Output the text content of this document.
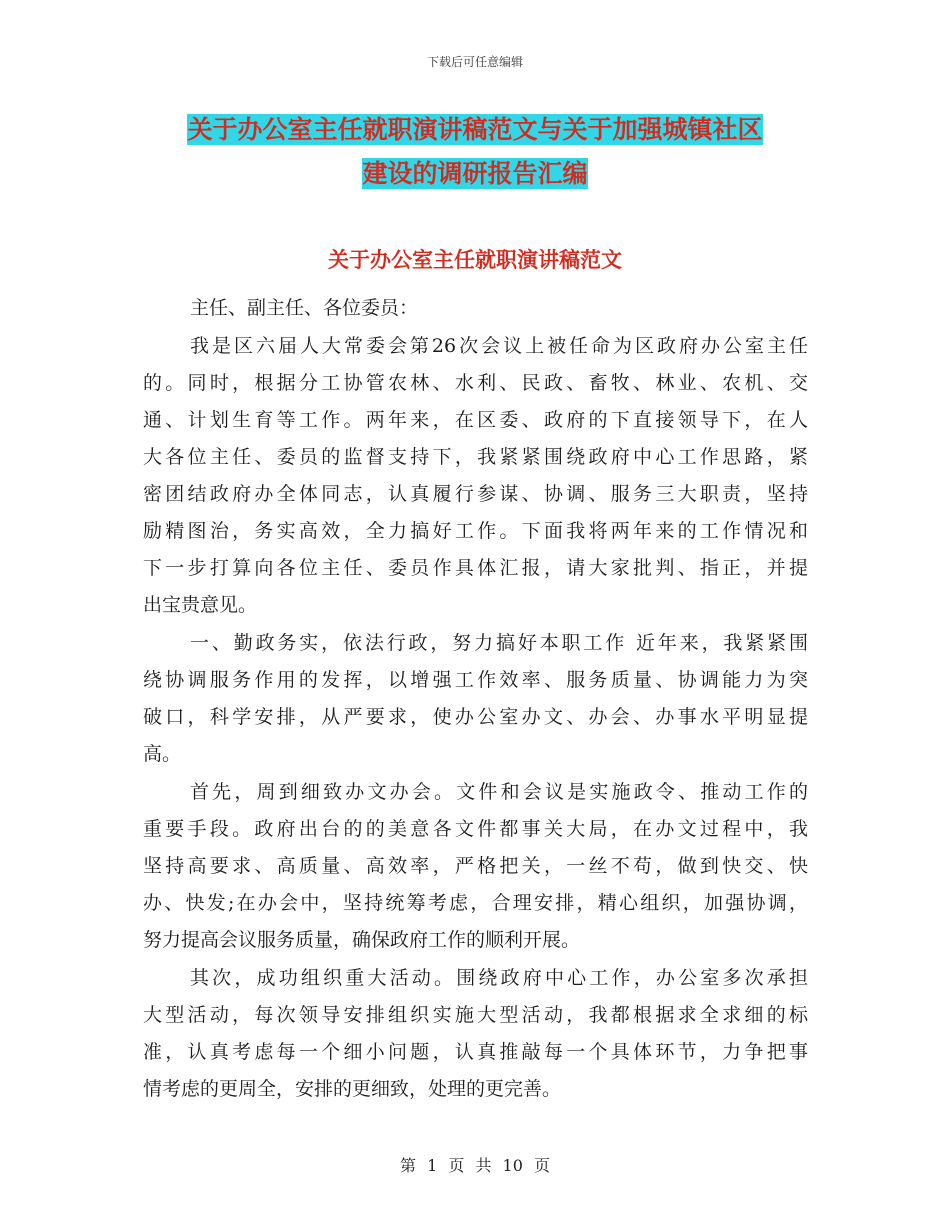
下载后可任意编辑
关于办公室主任就职演讲稿范文与关于加强城镇社区
建设的调研报告汇编
关于办公室主任就职演讲稿范文
主任、副主任、各位委员：
我是区六届人大常委会第26次会议上被任命为区政府办公室主任
的。同时，根据分工协管农林、水利、民政、畜牧、林业、农机、交
通、计划生育等工作。两年来，在区委、政府的下直接领导下，在人
大各位主任、委员的监督支持下，我紧紧围绕政府中心工作思路，紧
密团结政府办全体同志，认真履行参谋、协调、服务三大职责，坚持
励精图治，务实高效，全力搞好工作。下面我将两年来的工作情况和
下一步打算向各位主任、委员作具体汇报，请大家批判、指正，并提
出宝贵意见。
一、勤政务实，依法行政，努力搞好本职工作 近年来，我紧紧围
绕协调服务作用的发挥，以增强工作效率、服务质量、协调能力为突
破口，科学安排，从严要求，使办公室办文、办会、办事水平明显提
高。
首先，周到细致办文办会。文件和会议是实施政令、推动工作的
重要手段。政府出台的的美意各文件都事关大局，在办文过程中，我
坚持高要求、高质量、高效率，严格把关，一丝不苟，做到快交、快
办、快发;在办会中，坚持统筹考虑，合理安排，精心组织，加强协调，
努力提高会议服务质量，确保政府工作的顺利开展。
其次，成功组织重大活动。围绕政府中心工作，办公室多次承担
大型活动，每次领导安排组织实施大型活动，我都根据求全求细的标
准，认真考虑每一个细小问题，认真推敲每一个具体环节，力争把事
情考虑的更周全，安排的更细致，处理的更完善。
第 1 页 共 10 页
